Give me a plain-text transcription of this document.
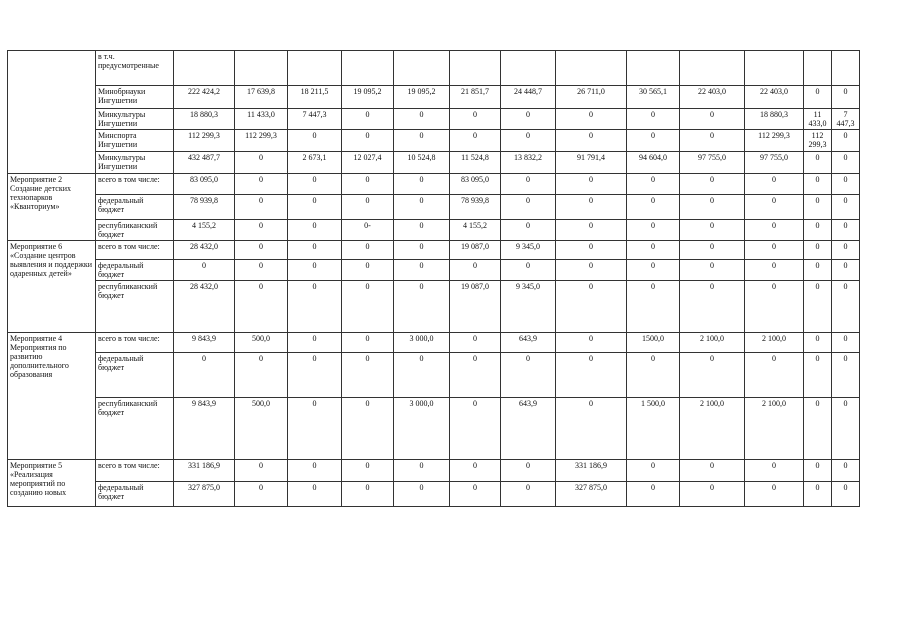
	в т.ч. предусмотренные													
	Минобрнауки Ингушетии	222 424,2	17 639,8	18 211,5	19 095,2	19 095,2	21 851,7	24 448,7	26 711,0	30 565,1	22 403,0	22 403,0	0	0
	Минкультуры Ингушетии	18 880,3	11 433,0	7 447,3	0	0	0	0	0	0	0	18 880,3	11 433,0	7 447,3
	Минспорта Ингушетии	112 299,3	112 299,3	0	0	0	0	0	0	0	0	112 299,3	112 299,3	0
	Минкультуры Ингушетии	432 487,7	0	2 673,1	12 027,4	10 524,8	11 524,8	13 832,2	91 791,4	94 604,0	97 755,0	97 755,0	0	0
Мероприятие 2 Создание детских технопарков «Кванториум»	всего в том числе:	83 095,0	0	0	0	0	83 095,0	0	0	0	0	0	0	0
	федеральный бюджет	78 939,8	0	0	0	0	78 939,8	0	0	0	0	0	0	0
	республиканский бюджет	4 155,2	0	0	0-	0	4 155,2	0	0	0	0	0	0	0
Мероприятие 6 «Создание центров выявления и поддержки одаренных детей»	всего в том числе:	28 432,0	0	0	0	0	19 087,0	9 345,0	0	0	0	0	0	0
	федеральный бюджет	0	0	0	0	0	0	0	0	0	0	0	0	0
	республиканский бюджет	28 432,0	0	0	0	0	19 087,0	9 345,0	0	0	0	0	0	0
Мероприятие 4 Мероприятия по развитию дополнительного образования	всего в том числе:	9 843,9	500,0	0	0	3 000,0	0	643,9	0	1500,0	2 100,0	2 100,0	0	0
	федеральный бюджет	0	0	0	0	0	0	0	0	0	0	0	0	0
	республиканский бюджет	9 843,9	500,0	0	0	3 000,0	0	643,9	0	1 500,0	2 100,0	2 100,0	0	0
Мероприятие 5 «Реализация мероприятий по созданию новых	всего в том числе:	331 186,9	0	0	0	0	0	0	331 186,9	0	0	0	0	0
	федеральный бюджет	327 875,0	0	0	0	0	0	0	327 875,0	0	0	0	0	0
